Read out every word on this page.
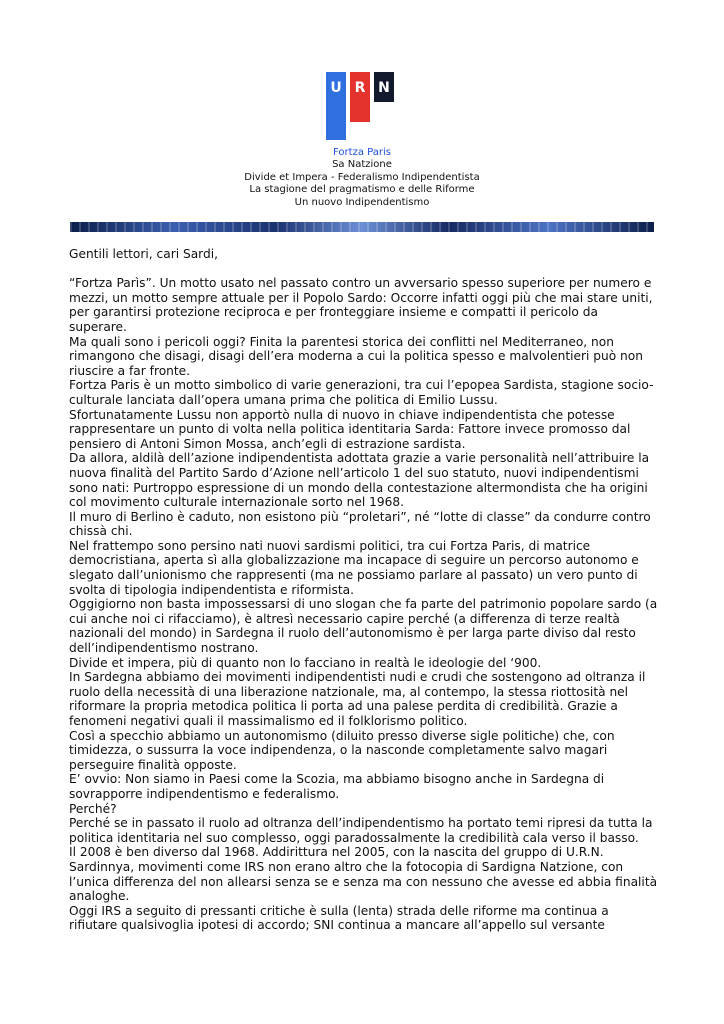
U R N
Fortza Paris
Sa Natzione
Divide et Impera - Federalismo Indipendentista
La stagione del pragmatismo e delle Riforme
Un nuovo Indipendentismo

Gentili lettori, cari Sardi,

“Fortza Parìs”. Un motto usato nel passato contro un avversario spesso superiore per numero e mezzi, un motto sempre attuale per il Popolo Sardo: Occorre infatti oggi più che mai stare uniti, per garantirsi protezione reciproca e per fronteggiare insieme e compatti il pericolo da superare.

Ma quali sono i pericoli oggi? Finita la parentesi storica dei conflitti nel Mediterraneo, non rimangono che disagi, disagi dell’era moderna a cui la politica spesso e malvolentieri può non riuscire a far fronte.

Fortza Paris è un motto simbolico di varie generazioni, tra cui l’epopea Sardista, stagione socio-culturale lanciata dall’opera umana prima che politica di Emilio Lussu.

Sfortunatamente Lussu non apportò nulla di nuovo in chiave indipendentista che potesse rappresentare un punto di volta nella politica identitaria Sarda: Fattore invece promosso dal pensiero di Antoni Simon Mossa, anch’egli di estrazione sardista.

Da allora, aldilà dell’azione indipendentista adottata grazie a varie personalità nell’attribuire la nuova finalità del Partito Sardo d’Azione nell’articolo 1 del suo statuto, nuovi indipendentismi sono nati: Purtroppo espressione di un mondo della contestazione altermondista che ha origini col movimento culturale internazionale sorto nel 1968.

Il muro di Berlino è caduto, non esistono più “proletari”, né “lotte di classe” da condurre contro chissà chi.

Nel frattempo sono persino nati nuovi sardismi politici, tra cui Fortza Paris, di matrice democristiana, aperta sì alla globalizzazione ma incapace di seguire un percorso autonomo e slegato dall’unionismo che rappresenti (ma ne possiamo parlare al passato) un vero punto di svolta di tipologia indipendentista e riformista.

Oggigiorno non basta impossessarsi di uno slogan che fa parte del patrimonio popolare sardo (a cui anche noi ci rifacciamo), è altresì necessario capire perché (a differenza di terze realtà nazionali del mondo) in Sardegna il ruolo dell’autonomismo è per larga parte diviso dal resto dell’indipendentismo nostrano.

Divide et impera, più di quanto non lo facciano in realtà le ideologie del ‘900.

In Sardegna abbiamo dei movimenti indipendentisti nudi e crudi che sostengono ad oltranza il ruolo della necessità di una liberazione natzionale, ma, al contempo, la stessa riottosità nel riformare la propria metodica politica li porta ad una palese perdita di credibilità. Grazie a fenomeni negativi quali il massimalismo ed il folklorismo politico.

Così a specchio abbiamo un autonomismo (diluito presso diverse sigle politiche) che, con timidezza, o sussurra la voce indipendenza, o la nasconde completamente salvo magari perseguire finalità opposte.

E’ ovvio: Non siamo in Paesi come la Scozia, ma abbiamo bisogno anche in Sardegna di sovrapporre indipendentismo e federalismo.

Perché?

Perché se in passato il ruolo ad oltranza dell’indipendentismo ha portato temi ripresi da tutta la politica identitaria nel suo complesso, oggi paradossalmente la credibilità cala verso il basso.

Il 2008 è ben diverso dal 1968. Addirittura nel 2005, con la nascita del gruppo di U.R.N. Sardinnya, movimenti come IRS non erano altro che la fotocopia di Sardigna Natzione, con l’unica differenza del non allearsi senza se e senza ma con nessuno che avesse ed abbia finalità analoghe.

Oggi IRS a seguito di pressanti critiche è sulla (lenta) strada delle riforme ma continua a rifiutare qualsivoglia ipotesi di accordo; SNI continua a mancare all’appello sul versante
